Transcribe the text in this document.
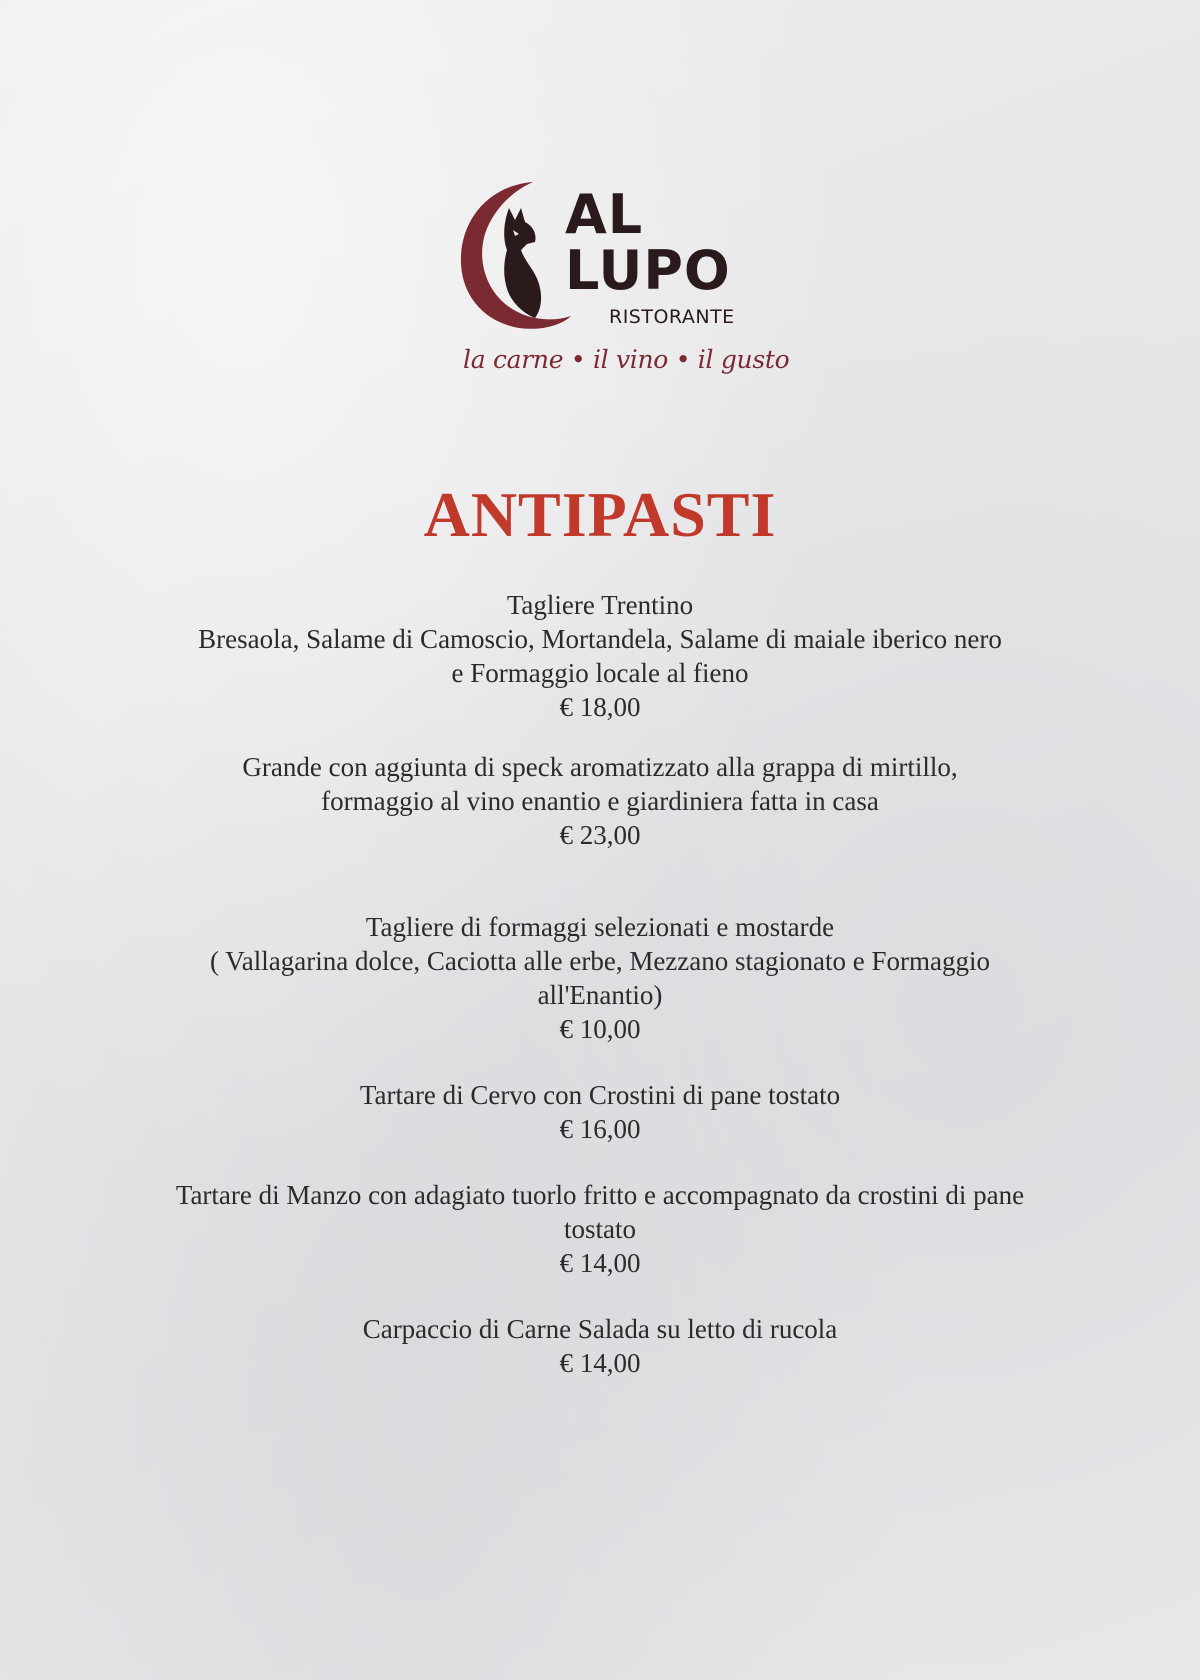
AL
LUPO
RISTORANTE
la carne • il vino • il gusto
ANTIPASTI
Tagliere Trentino
Bresaola, Salame di Camoscio, Mortandela, Salame di maiale iberico nero
e Formaggio locale al fieno
€ 18,00
Grande con aggiunta di speck aromatizzato alla grappa di mirtillo,
formaggio al vino enantio e giardiniera fatta in casa
€ 23,00
Tagliere di formaggi selezionati e mostarde
( Vallagarina dolce, Caciotta alle erbe, Mezzano stagionato e Formaggio
all'Enantio)
€ 10,00
Tartare di Cervo con Crostini di pane tostato
€ 16,00
Tartare di Manzo con adagiato tuorlo fritto e accompagnato da crostini di pane
tostato
€ 14,00
Carpaccio di Carne Salada su letto di rucola
€ 14,00
